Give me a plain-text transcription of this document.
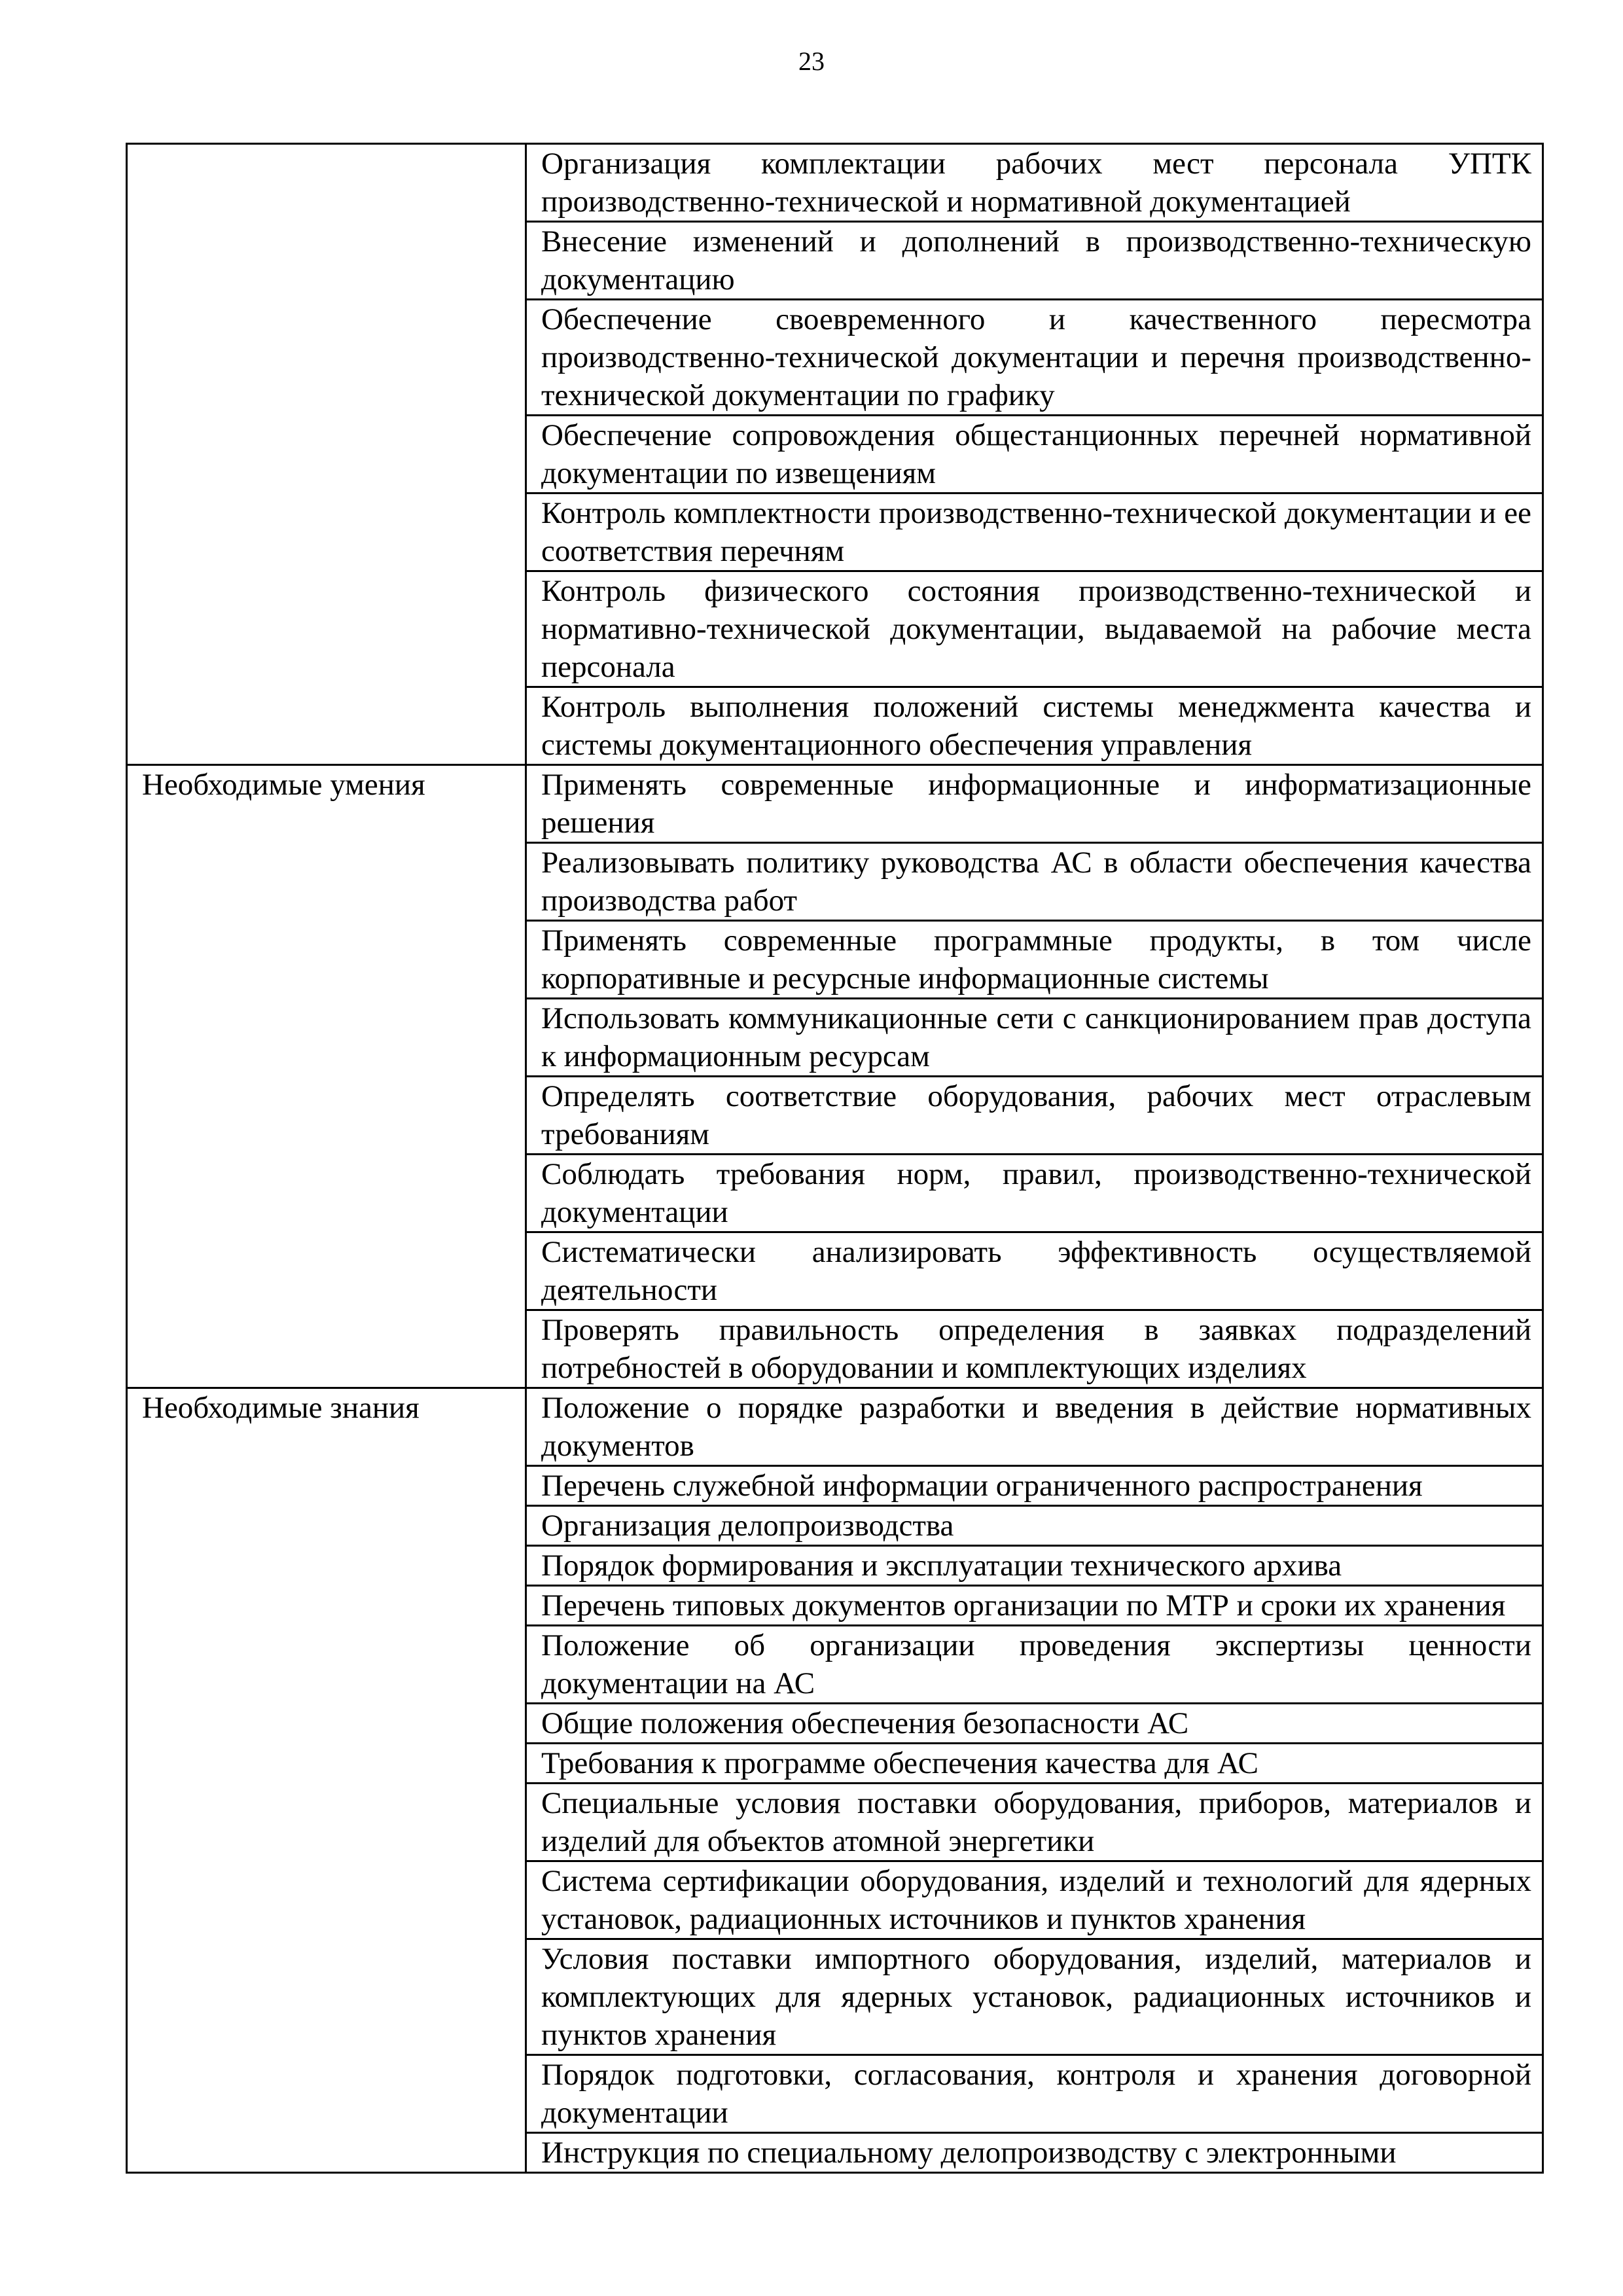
23
	Организация комплектации рабочих мест персонала УПТК производственно-технической и нормативной документацией
	Внесение изменений и дополнений в производственно-техническую документацию
	Обеспечение своевременного и качественного пересмотра производственно-технической документации и перечня производственно-технической документации по графику
	Обеспечение сопровождения общестанционных перечней нормативной документации по извещениям
	Контроль комплектности производственно-технической документации и ее соответствия перечням
	Контроль физического состояния производственно-технической и нормативно-технической документации, выдаваемой на рабочие места персонала
	Контроль выполнения положений системы менеджмента качества и системы документационного обеспечения управления
Необходимые умения	Применять современные информационные и информатизационные решения
	Реализовывать политику руководства АС в области обеспечения качества производства работ
	Применять современные программные продукты, в том числе корпоративные и ресурсные информационные системы
	Использовать коммуникационные сети с санкционированием прав доступа к информационным ресурсам
	Определять соответствие оборудования, рабочих мест отраслевым требованиям
	Соблюдать требования норм, правил, производственно-технической документации
	Систематически анализировать эффективность осуществляемой деятельности
	Проверять правильность определения в заявках подразделений потребностей в оборудовании и комплектующих изделиях
Необходимые знания	Положение о порядке разработки и введения в действие нормативных документов
	Перечень служебной информации ограниченного распространения
	Организация делопроизводства
	Порядок формирования и эксплуатации технического архива
	Перечень типовых документов организации по МТР и сроки их хранения
	Положение об организации проведения экспертизы ценности документации на АС
	Общие положения обеспечения безопасности АС
	Требования к программе обеспечения качества для АС
	Специальные условия поставки оборудования, приборов, материалов и изделий для объектов атомной энергетики
	Система сертификации оборудования, изделий и технологий для ядерных установок, радиационных источников и пунктов хранения
	Условия поставки импортного оборудования, изделий, материалов и комплектующих для ядерных установок, радиационных источников и пунктов хранения
	Порядок подготовки, согласования, контроля и хранения договорной документации
	Инструкция по специальному делопроизводству с электронными
